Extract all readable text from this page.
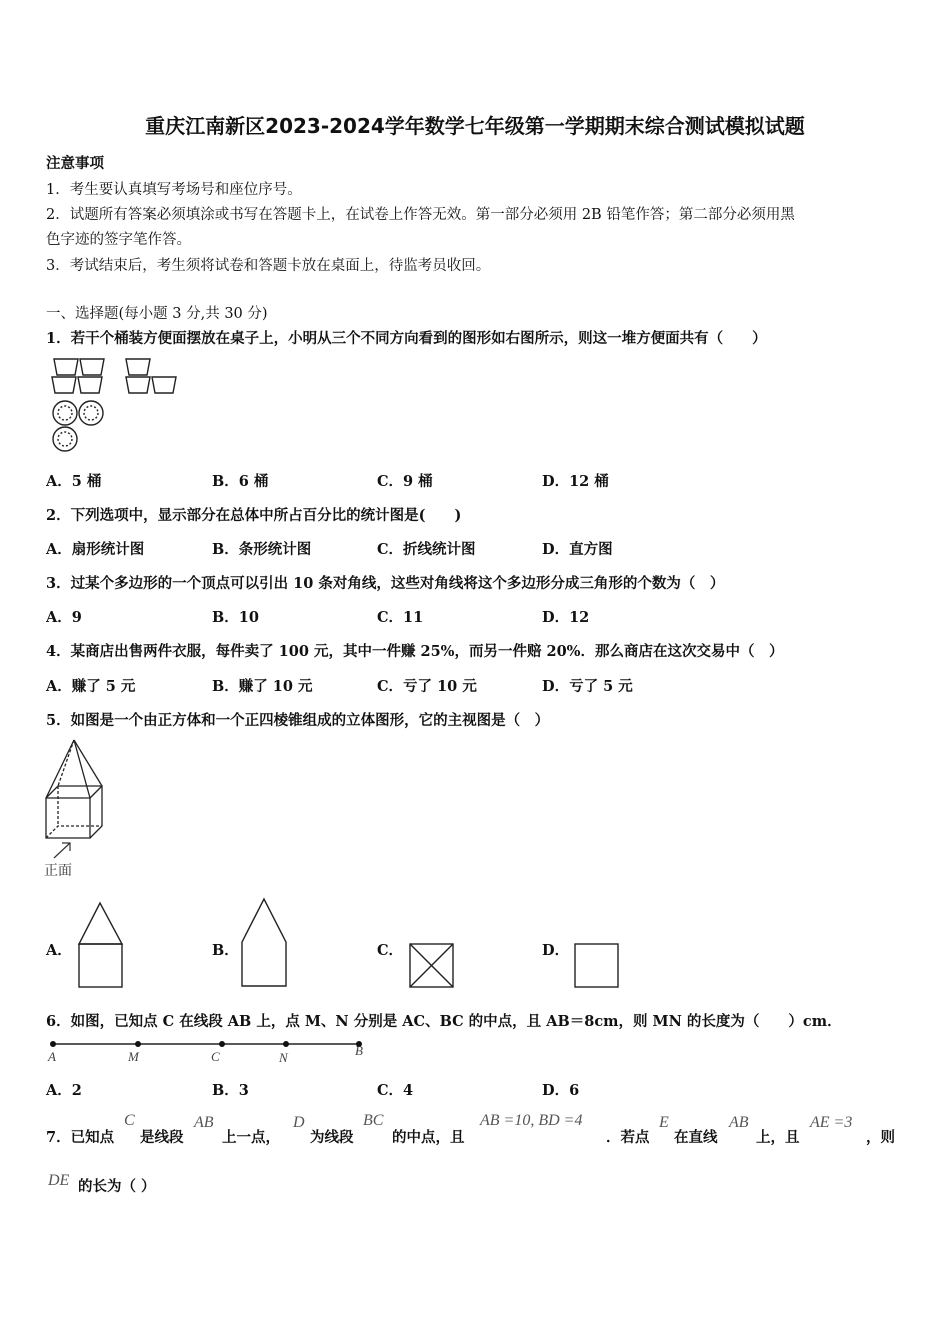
重庆江南新区2023-2024学年数学七年级第一学期期末综合测试模拟试题
注意事项
1．考生要认真填写考场号和座位序号。
2．试题所有答案必须填涂或书写在答题卡上，在试卷上作答无效。第一部分必须用 2B 铅笔作答；第二部分必须用黑
色字迹的签字笔作答。
3．考试结束后，考生须将试卷和答题卡放在桌面上，待监考员收回。
一、选择题(每小题 3 分,共 30 分)
1．若干个桶装方便面摆放在桌子上，小明从三个不同方向看到的图形如右图所示，则这一堆方便面共有（　　）
A．5 桶	B．6 桶	C．9 桶	D．12 桶
2．下列选项中，显示部分在总体中所占百分比的统计图是(　　)
A．扇形统计图	B．条形统计图	C．折线统计图	D．直方图
3．过某个多边形的一个顶点可以引出 10 条对角线，这些对角线将这个多边形分成三角形的个数为（　）
A．9	B．10	C．11	D．12
4．某商店出售两件衣服，每件卖了 100 元，其中一件赚 25%，而另一件赔 20%．那么商店在这次交易中（　）
A．赚了 5 元	B．赚了 10 元	C．亏了 10 元	D．亏了 5 元
5．如图是一个由正方体和一个正四棱锥组成的立体图形，它的主视图是（　）
正面
A．	B．	C．	D．
6．如图，已知点 C 在线段 AB 上，点 M、N 分别是 AC、BC 的中点，且 AB＝8cm，则 MN 的长度为（　　）cm．
A	M	C	N	B
A．2	B．3	C．4	D．6
7．已知点
C
是线段
AB
上一点，
D
为线段
BC
的中点，且
AB =10, BD =4
．若点
E
在直线
AB
上，且
AE =3
，则
DE 的长为（ ）
